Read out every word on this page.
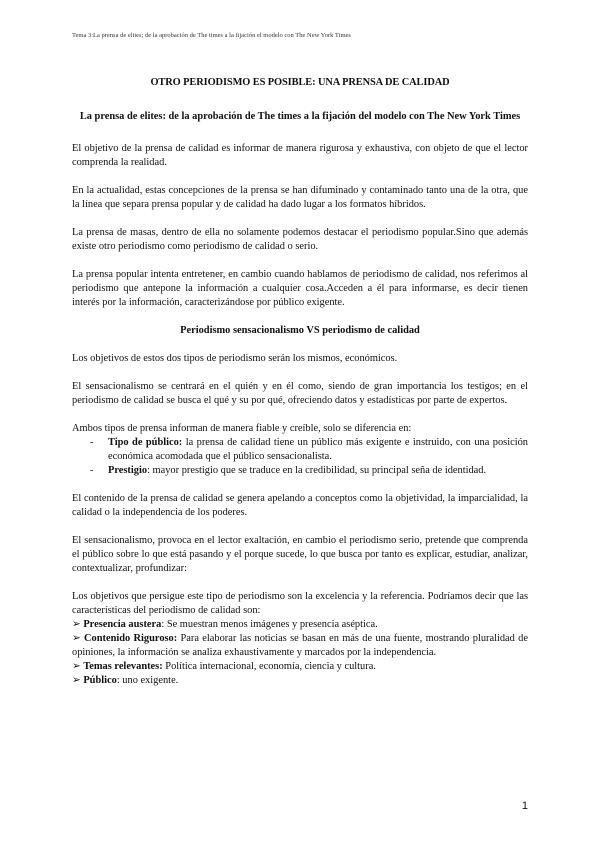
Tema 3:La prensa de elites; de la aprobación de The times a la fijación el modelo con The New York Times
OTRO PERIODISMO ES POSIBLE: UNA PRENSA DE CALIDAD
La prensa de elites: de la aprobación de The times a la fijación del modelo con The New York Times

El objetivo de la prensa de calidad es informar de manera rigurosa y exhaustiva, con objeto de que el lector comprenda la realidad.

En la actualidad, estas concepciones de la prensa se han difuminado y contaminado tanto una de la otra, que la línea que separa prensa popular y de calidad ha dado lugar a los formatos híbridos.

La prensa de masas, dentro de ella no solamente podemos destacar el periodismo popular.Sino que además existe otro periodismo como periodismo de calidad o serio.

La prensa popular intenta entretener, en cambio cuando hablamos de periodismo de calidad, nos referimos al periodismo que antepone la información a cualquier cosa.Acceden a él para informarse, es decir tienen interés por la información, caracterizándose por público exigente.

Periodismo sensacionalismo VS periodismo de calidad

Los objetivos de estos dos tipos de periodismo serán los mismos, económicos.

El sensacionalismo se centrará en el quién y en él como, siendo de gran importancia los testigos; en el periodismo de calidad se busca el qué y su por qué, ofreciendo datos y estadísticas por parte de expertos.

Ambos tipos de prensa informan de manera fiable y creíble, solo se diferencia en:

- Tipo de público: la prensa de calidad tiene un público más exigente e instruido, con una posición económica acomodada que el público sensacionalista.
- Prestigio: mayor prestigio que se traduce en la credibilidad, su principal seña de identidad.

El contenido de la prensa de calidad se genera apelando a conceptos como la objetividad, la imparcialidad, la calidad o la independencia de los poderes.

El sensacionalismo, provoca en el lector exaltación, en cambio el periodismo serio, pretende que comprenda el público sobre lo que está pasando y el porque sucede, lo que busca por tanto es explicar, estudiar, analizar, contextualizar, profundizar:

Los objetivos que persigue este tipo de periodismo son la excelencia y la referencia. Podríamos decir que las características del periodismo de calidad son:

➢ Presencia austera: Se muestran menos imágenes y presencia aséptica.
➢ Contenido Riguroso: Para elaborar las noticias se basan en más de una fuente, mostrando pluralidad de opiniones, la información se analiza exhaustivamente y marcados por la independencia.
➢ Temas relevantes: Política internacional, economía, ciencia y cultura.
➢ Público: uno exigente.
1
